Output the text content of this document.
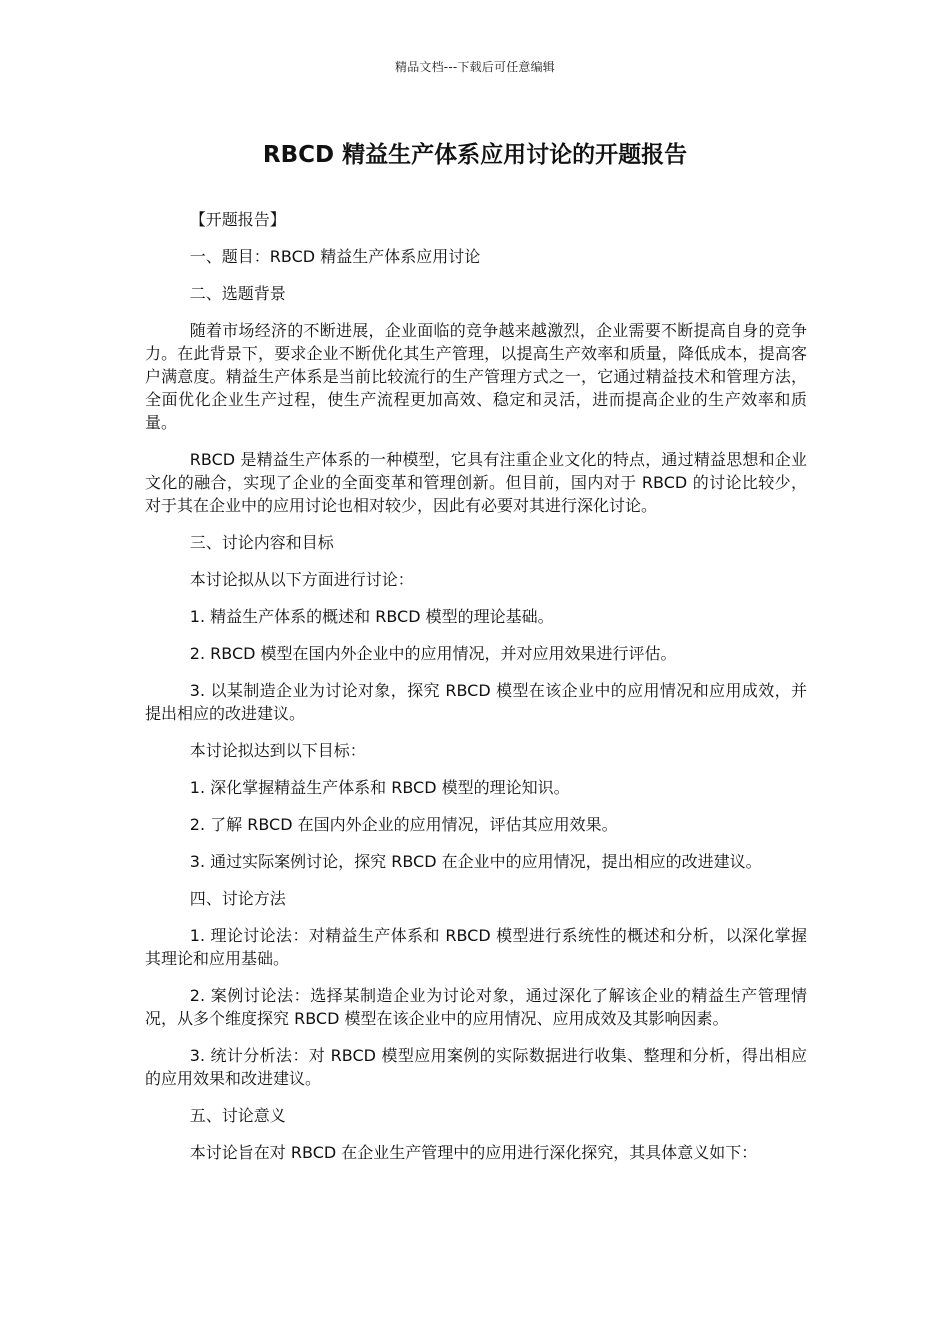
精品文档---下载后可任意编辑
RBCD 精益生产体系应用讨论的开题报告

【开题报告】

一、题目：RBCD 精益生产体系应用讨论

二、选题背景

随着市场经济的不断进展，企业面临的竞争越来越激烈，企业需要不断提高自身的竞争力。在此背景下，要求企业不断优化其生产管理，以提高生产效率和质量，降低成本，提高客户满意度。精益生产体系是当前比较流行的生产管理方式之一，它通过精益技术和管理方法，全面优化企业生产过程，使生产流程更加高效、稳定和灵活，进而提高企业的生产效率和质量。

RBCD 是精益生产体系的一种模型，它具有注重企业文化的特点，通过精益思想和企业文化的融合，实现了企业的全面变革和管理创新。但目前，国内对于 RBCD 的讨论比较少，对于其在企业中的应用讨论也相对较少，因此有必要对其进行深化讨论。

三、讨论内容和目标

本讨论拟从以下方面进行讨论：

1. 精益生产体系的概述和 RBCD 模型的理论基础。

2. RBCD 模型在国内外企业中的应用情况，并对应用效果进行评估。

3. 以某制造企业为讨论对象，探究 RBCD 模型在该企业中的应用情况和应用成效，并提出相应的改进建议。

本讨论拟达到以下目标：

1. 深化掌握精益生产体系和 RBCD 模型的理论知识。

2. 了解 RBCD 在国内外企业的应用情况，评估其应用效果。

3. 通过实际案例讨论，探究 RBCD 在企业中的应用情况，提出相应的改进建议。

四、讨论方法

1. 理论讨论法：对精益生产体系和 RBCD 模型进行系统性的概述和分析，以深化掌握其理论和应用基础。

2. 案例讨论法：选择某制造企业为讨论对象，通过深化了解该企业的精益生产管理情况，从多个维度探究 RBCD 模型在该企业中的应用情况、应用成效及其影响因素。

3. 统计分析法：对 RBCD 模型应用案例的实际数据进行收集、整理和分析，得出相应的应用效果和改进建议。

五、讨论意义

本讨论旨在对 RBCD 在企业生产管理中的应用进行深化探究，其具体意义如下：
